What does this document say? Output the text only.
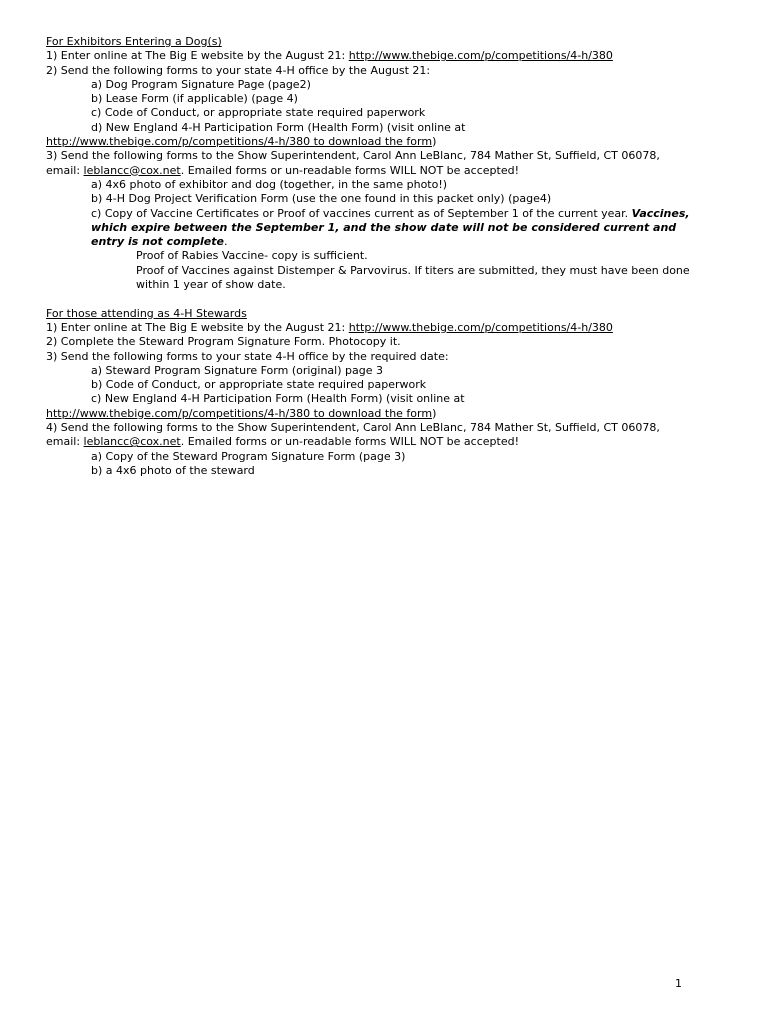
For Exhibitors Entering a Dog(s)
1) Enter online at The Big E website by the August 21: http://www.thebige.com/p/competitions/4-h/380
2) Send the following forms to your state 4-H office by the August 21:
a) Dog Program Signature Page (page2)
b) Lease Form (if applicable) (page 4)
c) Code of Conduct, or appropriate state required paperwork
d) New England 4-H Participation Form (Health Form) (visit online at
http://www.thebige.com/p/competitions/4-h/380 to download the form)
3) Send the following forms to the Show Superintendent, Carol Ann LeBlanc, 784 Mather St, Suffield, CT 06078,
email: leblancc@cox.net. Emailed forms or un-readable forms WILL NOT be accepted!
a) 4x6 photo of exhibitor and dog (together, in the same photo!)
b) 4-H Dog Project Verification Form (use the one found in this packet only) (page4)
c) Copy of Vaccine Certificates or Proof of vaccines current as of September 1 of the current year. Vaccines,
which expire between the September 1, and the show date will not be considered current and
entry is not complete.
Proof of Rabies Vaccine- copy is sufficient.
Proof of Vaccines against Distemper & Parvovirus. If titers are submitted, they must have been done
within 1 year of show date.
For those attending as 4-H Stewards
1) Enter online at The Big E website by the August 21: http://www.thebige.com/p/competitions/4-h/380
2) Complete the Steward Program Signature Form. Photocopy it.
3) Send the following forms to your state 4-H office by the required date:
a) Steward Program Signature Form (original) page 3
b) Code of Conduct, or appropriate state required paperwork
c) New England 4-H Participation Form (Health Form) (visit online at
http://www.thebige.com/p/competitions/4-h/380 to download the form)
4) Send the following forms to the Show Superintendent, Carol Ann LeBlanc, 784 Mather St, Suffield, CT 06078,
email: leblancc@cox.net. Emailed forms or un-readable forms WILL NOT be accepted!
a) Copy of the Steward Program Signature Form (page 3)
b) a 4x6 photo of the steward
1
